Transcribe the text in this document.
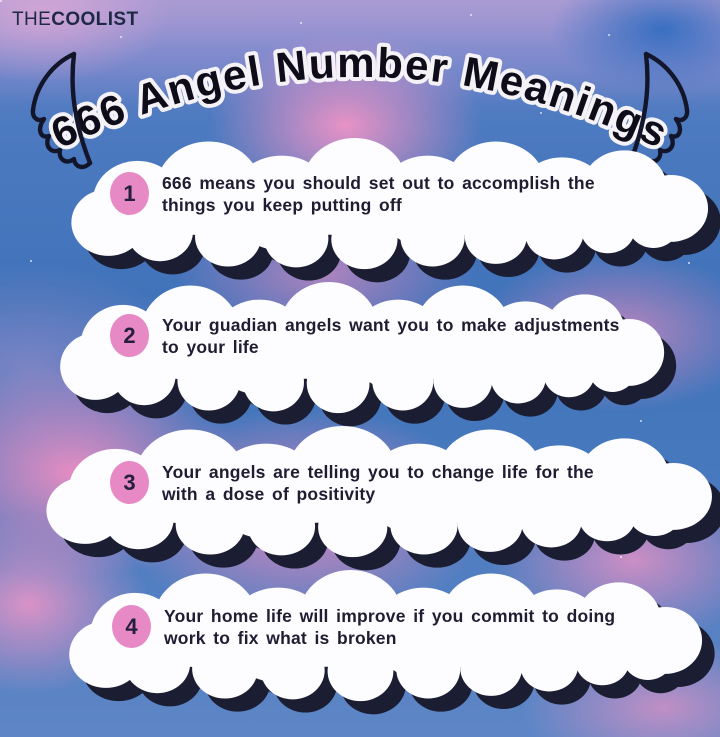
THECOOLIST
666 Angel Number Meanings
1	666 means you should set out to accomplish the
things you keep putting off
2	Your guadian angels want you to make adjustments
to your life
3	Your angels are telling you to change life for the
with a dose of positivity
4	Your home life will improve if you commit to doing
work to fix what is broken
